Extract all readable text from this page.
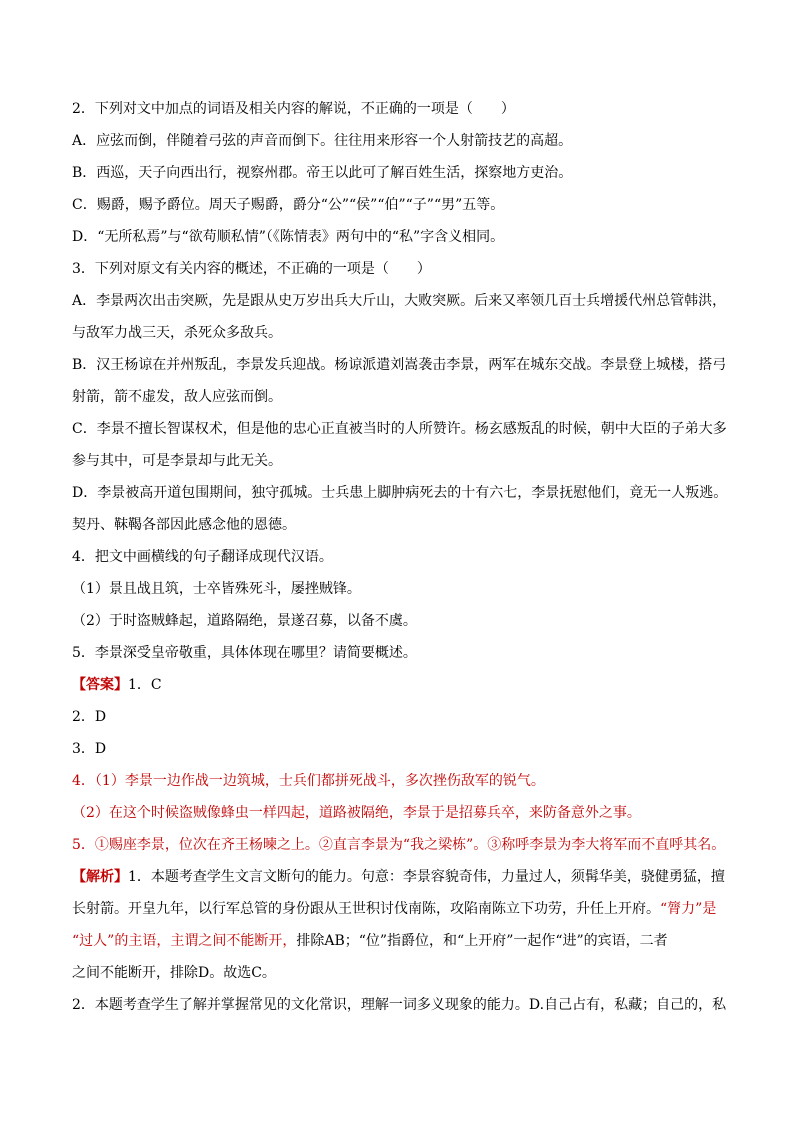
2．下列对文中加点的词语及相关内容的解说，不正确的一项是（　　）
A．应弦而倒，伴随着弓弦的声音而倒下。往往用来形容一个人射箭技艺的高超。
B．西巡，天子向西出行，视察州郡。帝王以此可了解百姓生活，探察地方吏治。
C．赐爵，赐予爵位。周天子赐爵，爵分“公”“侯”“伯”“子”“男”五等。
D．“无所私焉”与“欲苟顺私情”（《陈情表》两句中的“私”字含义相同。
3．下列对原文有关内容的概述，不正确的一项是（　　）
A．李景两次出击突厥，先是跟从史万岁出兵大斤山，大败突厥。后来又率领几百士兵增援代州总管韩洪，
与敌军力战三天，杀死众多敌兵。
B．汉王杨谅在并州叛乱，李景发兵迎战。杨谅派遣刘嵩袭击李景，两军在城东交战。李景登上城楼，搭弓
射箭，箭不虚发，敌人应弦而倒。
C．李景不擅长智谋权术，但是他的忠心正直被当时的人所赞许。杨玄感叛乱的时候，朝中大臣的子弟大多
参与其中，可是李景却与此无关。
D．李景被高开道包围期间，独守孤城。士兵患上脚肿病死去的十有六七，李景抚慰他们，竟无一人叛逃。
契丹、靺鞨各部因此感念他的恩德。
4．把文中画横线的句子翻译成现代汉语。
（1）景且战且筑，士卒皆殊死斗，屡挫贼锋。
（2）于时盗贼蜂起，道路隔绝，景遂召募，以备不虞。
5．李景深受皇帝敬重，具体体现在哪里？请简要概述。
【答案】1．C
2．D
3．D
4．（1）李景一边作战一边筑城，士兵们都拼死战斗，多次挫伤敌军的锐气。
（2）在这个时候盗贼像蜂虫一样四起，道路被隔绝，李景于是招募兵卒，来防备意外之事。
5．①赐座李景，位次在齐王杨暕之上。②直言李景为“我之梁栋”。③称呼李景为李大将军而不直呼其名。
【解析】1．本题考查学生文言文断句的能力。句意：李景容貌奇伟，力量过人，须髯华美，骁健勇猛，擅
长射箭。开皇九年，以行军总管的身份跟从王世积讨伐南陈，攻陷南陈立下功劳，升任上开府。“膂力”是
“过人”的主语，主谓之间不能断开，排除AB；“位”指爵位，和“上开府”一起作“进”的宾语，二者
之间不能断开，排除D。故选C。
2．本题考查学生了解并掌握常见的文化常识，理解一词多义现象的能力。D.自己占有，私藏；自己的，私
